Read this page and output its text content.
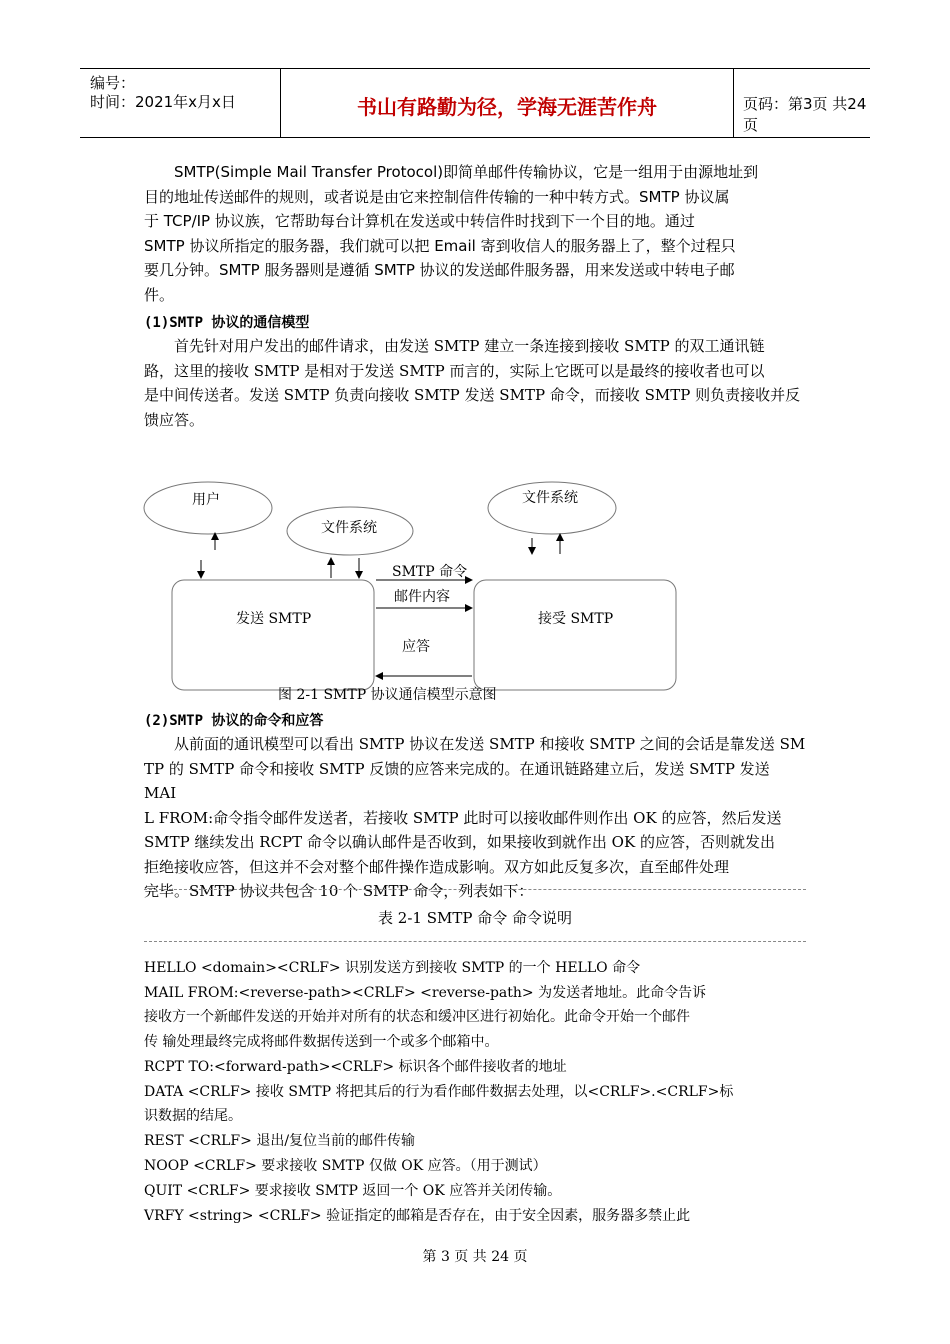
编号：
时间：2021年x月x日	书山有路勤为径，学海无涯苦作舟	页码：第3页 共24页
SMTP(Simple Mail Transfer Protocol)即简单邮件传输协议，它是一组用于由源地址到
目的地址传送邮件的规则，或者说是由它来控制信件传输的一种中转方式。SMTP 协议属
于 TCP/IP 协议族，它帮助每台计算机在发送或中转信件时找到下一个目的地。通过
SMTP 协议所指定的服务器，我们就可以把 Email 寄到收信人的服务器上了，整个过程只
要几分钟。SMTP 服务器则是遵循 SMTP 协议的发送邮件服务器，用来发送或中转电子邮
件。
(1)SMTP 协议的通信模型
首先针对用户发出的邮件请求，由发送 SMTP 建立一条连接到接收 SMTP 的双工通讯链
路，这里的接收 SMTP 是相对于发送 SMTP 而言的，实际上它既可以是最终的接收者也可以
是中间传送者。发送 SMTP 负责向接收 SMTP 发送 SMTP 命令，而接收 SMTP 则负责接收并反
馈应答。
用户
文件系统
文件系统
发送 SMTP	接受 SMTP
SMTP 命令
邮件内容
应答
图 2-1 SMTP 协议通信模型示意图
(2)SMTP 协议的命令和应答
从前面的通讯模型可以看出 SMTP 协议在发送 SMTP 和接收 SMTP 之间的会话是靠发送 SM
TP 的 SMTP 命令和接收 SMTP 反馈的应答来完成的。在通讯链路建立后，发送 SMTP 发送 MAI
L FROM:命令指令邮件发送者，若接收 SMTP 此时可以接收邮件则作出 OK 的应答，然后发送
SMTP 继续发出 RCPT 命令以确认邮件是否收到，如果接收到就作出 OK 的应答，否则就发出
拒绝接收应答，但这并不会对整个邮件操作造成影响。双方如此反复多次，直至邮件处理
完毕。SMTP 协议共包含 10 个 SMTP 命令，列表如下：
表 2-1 SMTP 命令 命令说明
HELLO <domain><CRLF> 识别发送方到接收 SMTP 的一个 HELLO 命令
MAIL FROM:<reverse-path><CRLF> <reverse-path> 为发送者地址。此命令告诉
接收方一个新邮件发送的开始并对所有的状态和缓冲区进行初始化。此命令开始一个邮件
传 输处理最终完成将邮件数据传送到一个或多个邮箱中。
RCPT TO:<forward-path><CRLF> 标识各个邮件接收者的地址
DATA <CRLF> 接收 SMTP 将把其后的行为看作邮件数据去处理，以<CRLF>.<CRLF>标
识数据的结尾。
REST <CRLF> 退出/复位当前的邮件传输
NOOP <CRLF> 要求接收 SMTP 仅做 OK 应答。（用于测试）
QUIT <CRLF> 要求接收 SMTP 返回一个 OK 应答并关闭传输。
VRFY <string> <CRLF> 验证指定的邮箱是否存在，由于安全因素，服务器多禁止此
第 3 页 共 24 页
